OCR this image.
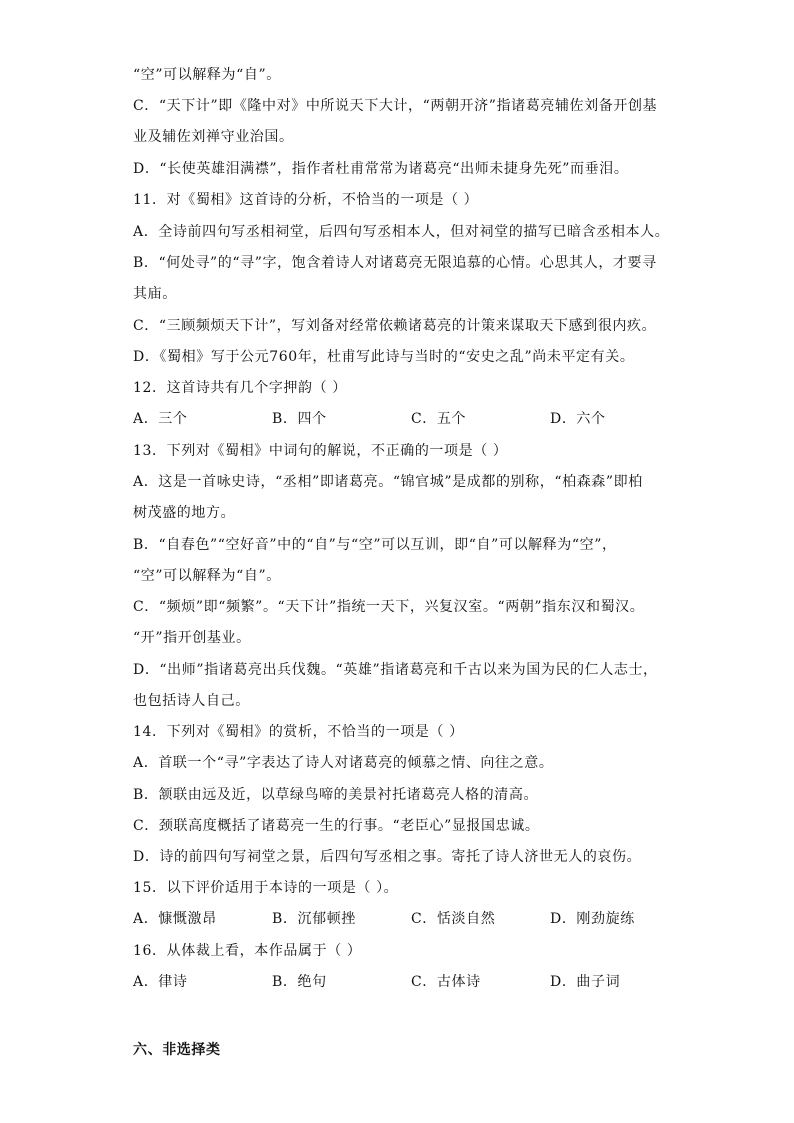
“空”可以解释为“自”。
C．“天下计”即《隆中对》中所说天下大计，“两朝开济”指诸葛亮辅佐刘备开创基
业及辅佐刘禅守业治国。
D．“长使英雄泪满襟”，指作者杜甫常常为诸葛亮“出师未捷身先死”而垂泪。
11．对《蜀相》这首诗的分析，不恰当的一项是（ ）
A．全诗前四句写丞相祠堂，后四句写丞相本人，但对祠堂的描写已暗含丞相本人。
B．“何处寻”的“寻”字，饱含着诗人对诸葛亮无限追慕的心情。心思其人，才要寻
其庙。
C．“三顾频烦天下计”，写刘备对经常依赖诸葛亮的计策来谋取天下感到很内疚。
D．《蜀相》写于公元760年，杜甫写此诗与当时的“安史之乱”尚未平定有关。
12．这首诗共有几个字押韵（ ）
A．三个	B．四个	C．五个	D．六个
13．下列对《蜀相》中词句的解说，不正确的一项是（ ）
A．这是一首咏史诗，“丞相”即诸葛亮。“锦官城”是成都的别称，“柏森森”即柏
树茂盛的地方。
B．“自春色”“空好音”中的“自”与“空”可以互训，即“自”可以解释为“空”，
“空”可以解释为“自”。
C．“频烦”即“频繁”。“天下计”指统一天下，兴复汉室。“两朝”指东汉和蜀汉。
“开”指开创基业。
D．“出师”指诸葛亮出兵伐魏。“英雄”指诸葛亮和千古以来为国为民的仁人志士，
也包括诗人自己。
14．下列对《蜀相》的赏析，不恰当的一项是（ ）
A．首联一个“寻”字表达了诗人对诸葛亮的倾慕之情、向往之意。
B．颔联由远及近，以草绿鸟啼的美景衬托诸葛亮人格的清高。
C．颈联高度概括了诸葛亮一生的行事。“老臣心”显报国忠诚。
D．诗的前四句写祠堂之景，后四句写丞相之事。寄托了诗人济世无人的哀伤。
15．以下评价适用于本诗的一项是（ ）。
A．慷慨激昂	B．沉郁顿挫	C．恬淡自然	D．刚劲旋练
16．从体裁上看，本作品属于（ ）
A．律诗	B．绝句	C．古体诗	D．曲子词
六、非选择类
